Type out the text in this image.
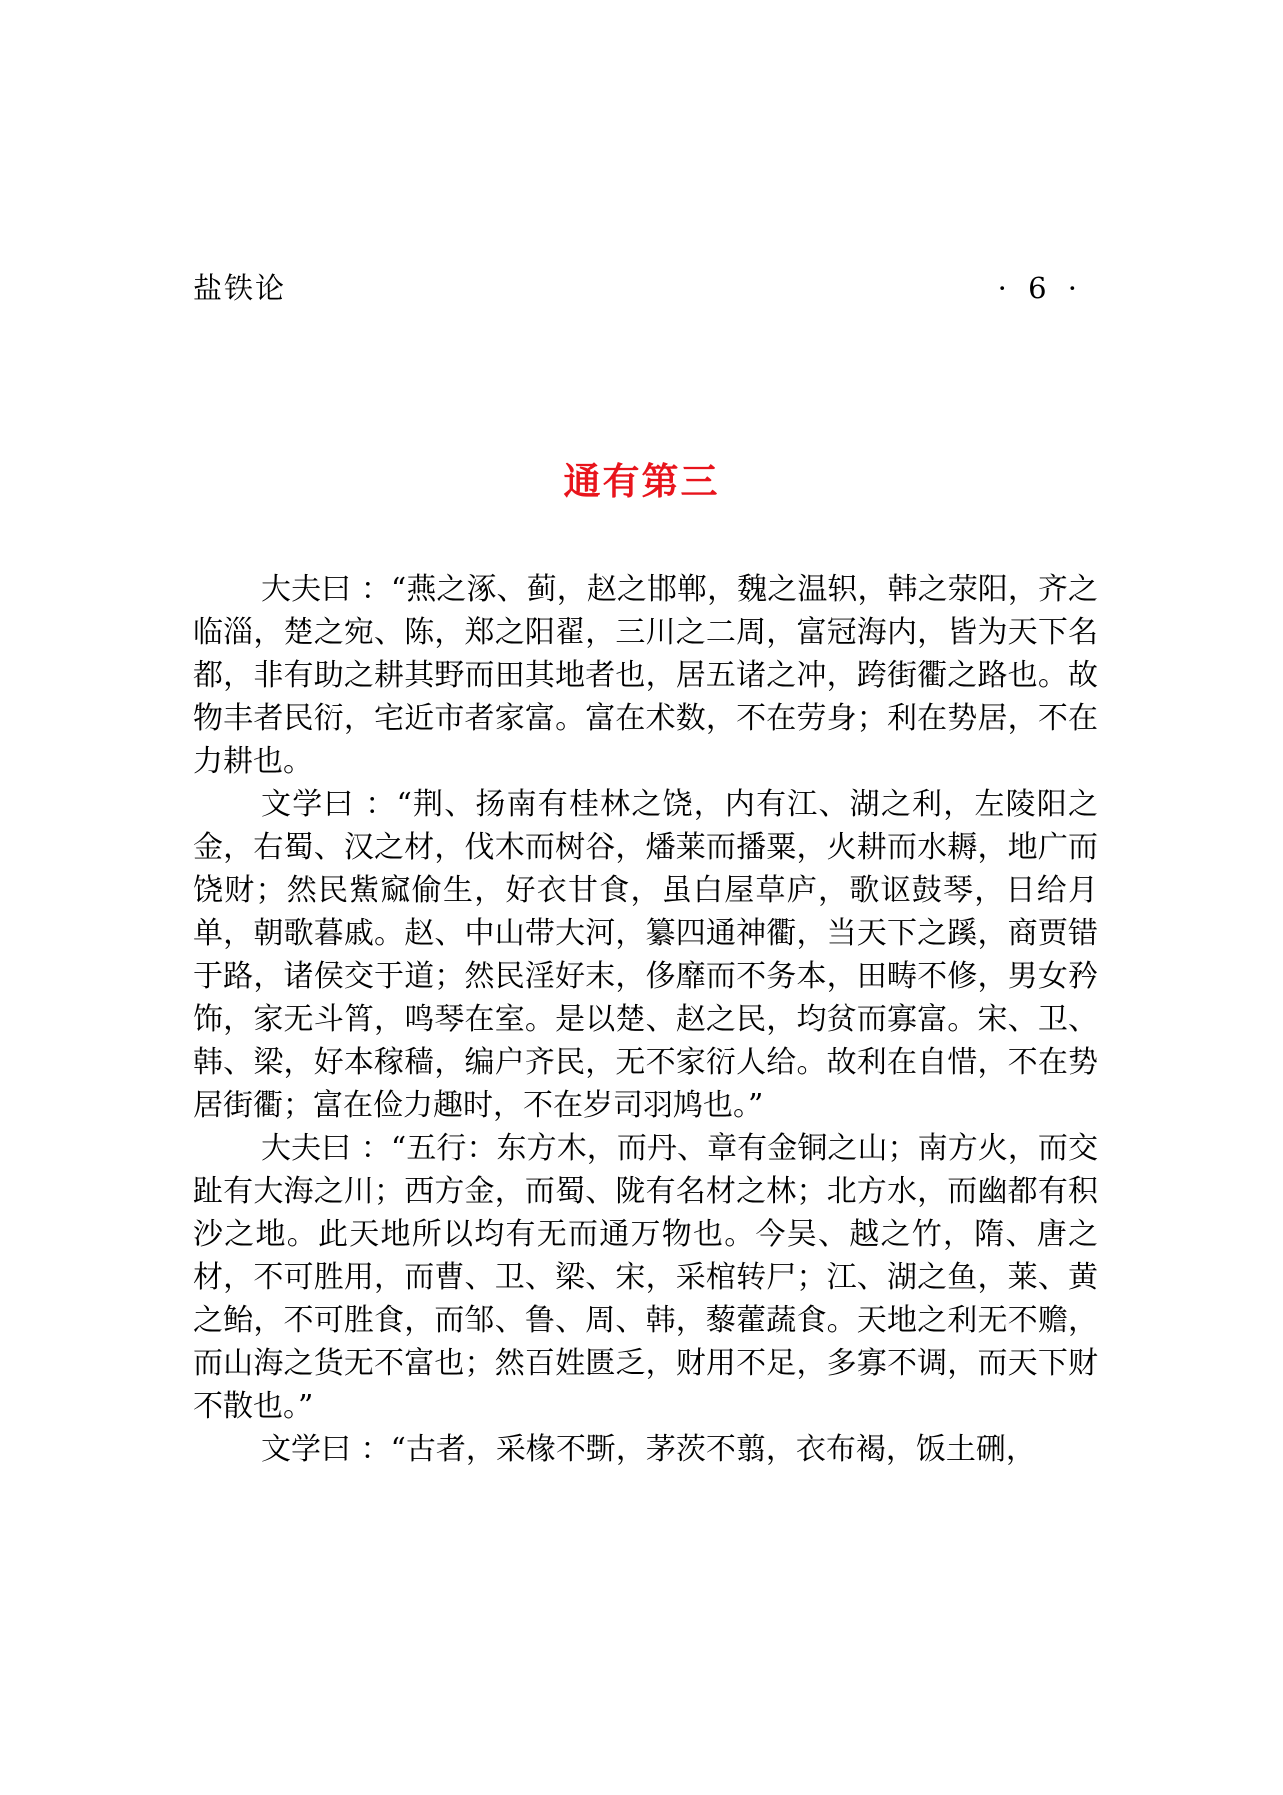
盐铁论	· 6 ·
通有第三

大夫曰 ：“燕之涿、蓟，赵之邯郸，魏之温轵，韩之荥阳，齐之临淄，楚之宛、陈，郑之阳翟，三川之二周，富冠海内，皆为天下名都，非有助之耕其野而田其地者也，居五诸之冲，跨街衢之路也。故物丰者民衍，宅近市者家富。富在术数，不在劳身；利在势居，不在力耕也。

文学曰 ：“荆、扬南有桂林之饶，内有江、湖之利，左陵阳之金，右蜀、汉之材，伐木而树谷，燔莱而播粟，火耕而水耨，地广而饶财；然民鮆窳偷生，好衣甘食，虽白屋草庐，歌讴鼓琴，日给月单，朝歌暮戚。赵、中山带大河，纂四通神衢，当天下之蹊，商贾错于路，诸侯交于道；然民淫好末，侈靡而不务本，田畴不修，男女矜饰，家无斗筲，鸣琴在室。是以楚、赵之民，均贫而寡富。宋、卫、韩、梁，好本稼穑，编户齐民，无不家衍人给。故利在自惜，不在势居街衢；富在俭力趣时，不在岁司羽鸠也。”

大夫曰 ：“五行：东方木，而丹、章有金铜之山；南方火，而交趾有大海之川；西方金，而蜀、陇有名材之林；北方水，而幽都有积沙之地。此天地所以均有无而通万物也。今吴、越之竹，隋、唐之材，不可胜用，而曹、卫、梁、宋，采棺转尸；江、湖之鱼，莱、黄之鲐，不可胜食，而邹、鲁、周、韩，藜藿蔬食。天地之利无不赡，而山海之货无不富也；然百姓匮乏，财用不足，多寡不调，而天下财不散也。”

文学曰 ：“古者，采椽不斲，茅茨不翦，衣布褐，饭土硎，
